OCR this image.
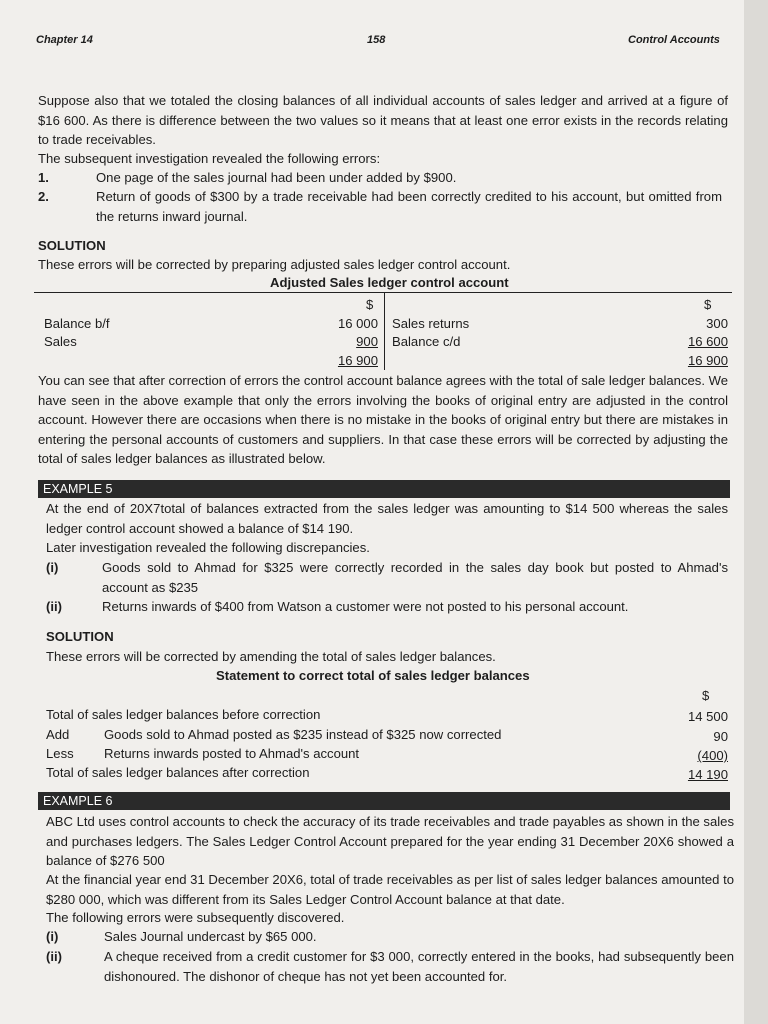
Chapter 14	158	Control Accounts
Suppose also that we totaled the closing balances of all individual accounts of sales ledger and arrived at a figure of $16 600. As there is difference between the two values so it means that at least one error exists in the records relating to trade receivables.
The subsequent investigation revealed the following errors:
1.	One page of the sales journal had been under added by $900.
2.	Return of goods of $300 by a trade receivable had been correctly credited to his account, but omitted from the returns inward journal.
SOLUTION
These errors will be corrected by preparing adjusted sales ledger control account.
Adjusted Sales ledger control account
$	$
Balance b/f	16 000 Sales returns	300
Sales	900 Balance c/d	16 600
16 900	16 900
You can see that after correction of errors the control account balance agrees with the total of sale ledger balances. We have seen in the above example that only the errors involving the books of original entry are adjusted in the control account. However there are occasions when there is no mistake in the books of original entry but there are mistakes in entering the personal accounts of customers and suppliers. In that case these errors will be corrected by adjusting the total of sales ledger balances as illustrated below.
EXAMPLE 5
At the end of 20X7total of balances extracted from the sales ledger was amounting to $14 500 whereas the sales ledger control account showed a balance of $14 190.
Later investigation revealed the following discrepancies.
(i)	Goods sold to Ahmad for $325 were correctly recorded in the sales day book but posted to Ahmad's account as $235
(ii)	Returns inwards of $400 from Watson a customer were not posted to his personal account.
SOLUTION
These errors will be corrected by amending the total of sales ledger balances.
Statement to correct total of sales ledger balances
$
Total of sales ledger balances before correction	14 500
Add	Goods sold to Ahmad posted as $235 instead of $325 now corrected	90
Less Returns inwards posted to Ahmad's account	(400)
Total of sales ledger balances after correction	14 190
EXAMPLE 6
ABC Ltd uses control accounts to check the accuracy of its trade receivables and trade payables as shown in the sales and purchases ledgers. The Sales Ledger Control Account prepared for the year ending 31 December 20X6 showed a balance of $276 500
At the financial year end 31 December 20X6, total of trade receivables as per list of sales ledger balances amounted to $280 000, which was different from its Sales Ledger Control Account balance at that date.
The following errors were subsequently discovered.
(i)	Sales Journal undercast by $65 000.
(ii)	A cheque received from a credit customer for $3 000, correctly entered in the books, had subsequently been dishonoured. The dishonor of cheque has not yet been accounted for.
